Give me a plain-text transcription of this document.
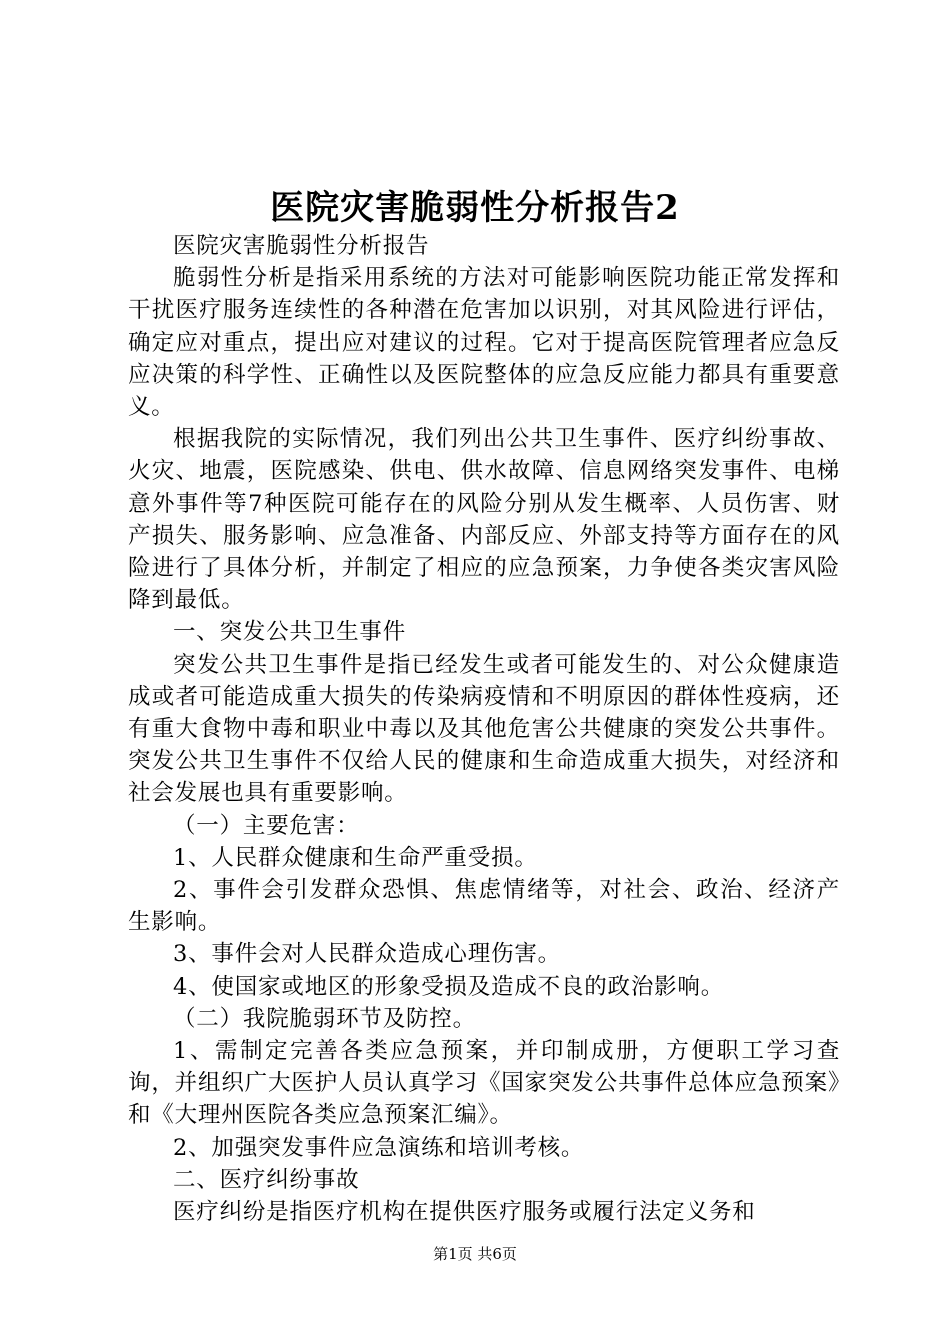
医院灾害脆弱性分析报告2

医院灾害脆弱性分析报告

脆弱性分析是指采用系统的方法对可能影响医院功能正常发挥和干扰医疗服务连续性的各种潜在危害加以识别，对其风险进行评估，确定应对重点，提出应对建议的过程。它对于提高医院管理者应急反应决策的科学性、正确性以及医院整体的应急反应能力都具有重要意义。

根据我院的实际情况，我们列出公共卫生事件、医疗纠纷事故、火灾、地震，医院感染、供电、供水故障、信息网络突发事件、电梯意外事件等7种医院可能存在的风险分别从发生概率、人员伤害、财产损失、服务影响、应急准备、内部反应、外部支持等方面存在的风险进行了具体分析，并制定了相应的应急预案，力争使各类灾害风险降到最低。

一、突发公共卫生事件

突发公共卫生事件是指已经发生或者可能发生的、对公众健康造成或者可能造成重大损失的传染病疫情和不明原因的群体性疫病，还有重大食物中毒和职业中毒以及其他危害公共健康的突发公共事件。突发公共卫生事件不仅给人民的健康和生命造成重大损失，对经济和社会发展也具有重要影响。

（一）主要危害：

1、人民群众健康和生命严重受损。

2、事件会引发群众恐惧、焦虑情绪等，对社会、政治、经济产生影响。

3、事件会对人民群众造成心理伤害。

4、使国家或地区的形象受损及造成不良的政治影响。

（二）我院脆弱环节及防控。

1、需制定完善各类应急预案，并印制成册，方便职工学习查询，并组织广大医护人员认真学习《国家突发公共事件总体应急预案》和《大理州医院各类应急预案汇编》。

2、加强突发事件应急演练和培训考核。

二、医疗纠纷事故

医疗纠纷是指医疗机构在提供医疗服务或履行法定义务和

第1页 共6页
